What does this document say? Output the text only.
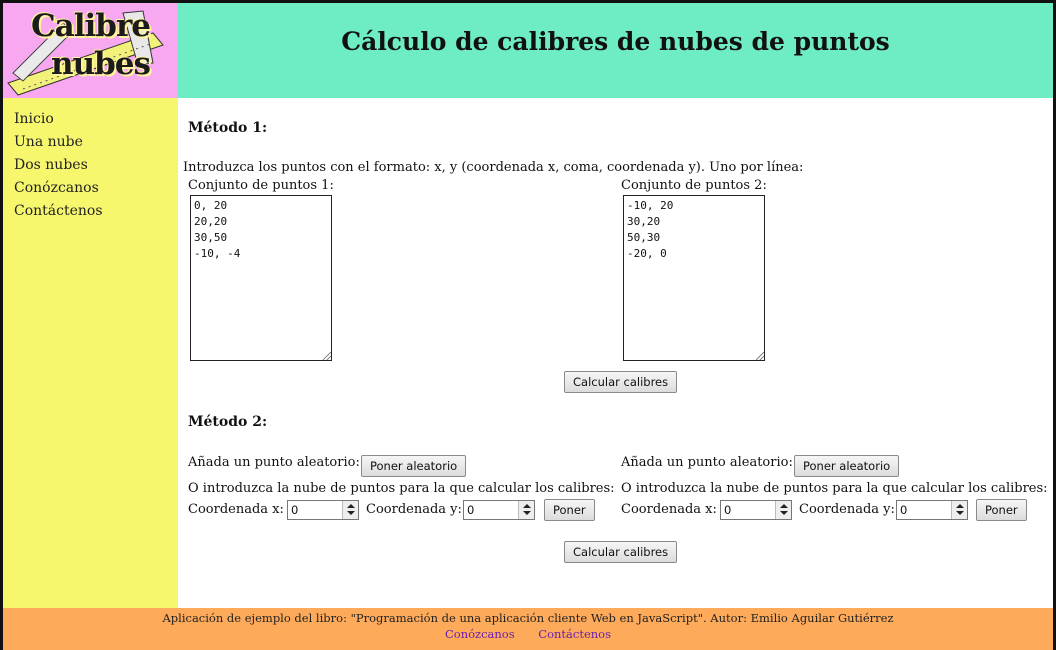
Calibre
nubes
Cálculo de calibres de nubes de puntos
Inicio
Una nube
Dos nubes
Conózcanos
Contáctenos
Método 1:
Introduzca los puntos con el formato: x, y (coordenada x, coma, coordenada y). Uno por línea:
Conjunto de puntos 1:
0, 20 20,20 30,50 -10, -4	Conjunto de puntos 2:
-10, 20 30,20 50,30 -20, 0
Calcular calibres
Método 2:
Añada un punto aleatorio: Poner aleatorio
O introduzca la nube de puntos para la que calcular los calibres:
Coordenada x: 0	Coordenada y: 0	Poner
Añada un punto aleatorio: Poner aleatorio
O introduzca la nube de puntos para la que calcular los calibres:
Coordenada x: 0	Coordenada y: 0	Poner
Calcular calibres
Aplicación de ejemplo del libro: "Programación de una aplicación cliente Web en JavaScript". Autor: Emilio Aguilar Gutiérrez
Conózcanos Contáctenos
